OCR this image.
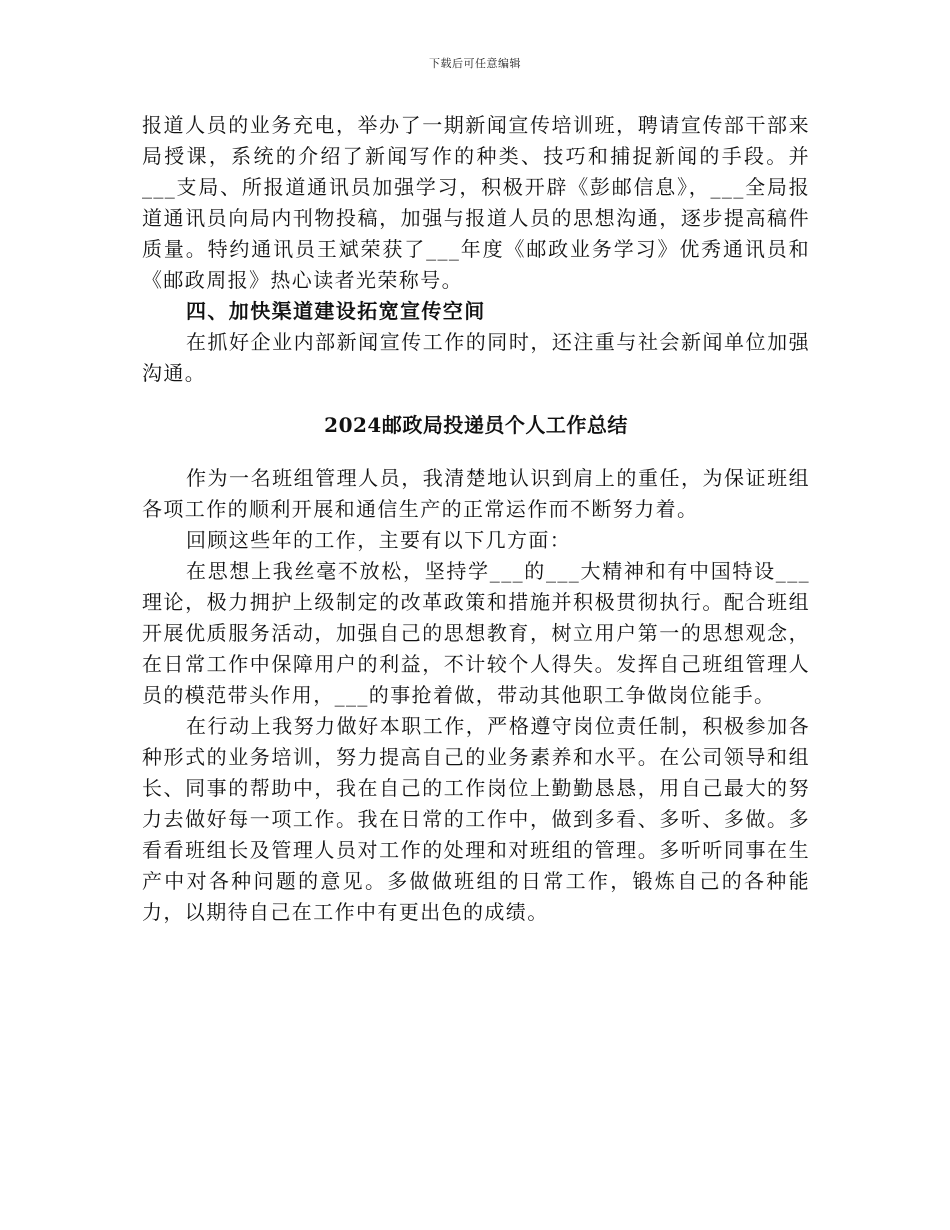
下载后可任意编辑

报道人员的业务充电，举办了一期新闻宣传培训班，聘请宣传部干部来局授课，系统的介绍了新闻写作的种类、技巧和捕捉新闻的手段。并___支局、所报道通讯员加强学习，积极开辟《彭邮信息》，___全局报道通讯员向局内刊物投稿，加强与报道人员的思想沟通，逐步提高稿件质量。特约通讯员王斌荣获了___年度《邮政业务学习》优秀通讯员和《邮政周报》热心读者光荣称号。

四、加快渠道建设拓宽宣传空间

在抓好企业内部新闻宣传工作的同时，还注重与社会新闻单位加强沟通。

2024邮政局投递员个人工作总结

作为一名班组管理人员，我清楚地认识到肩上的重任，为保证班组各项工作的顺利开展和通信生产的正常运作而不断努力着。

回顾这些年的工作，主要有以下几方面：

在思想上我丝毫不放松，坚持学___的___大精神和有中国特设___理论，极力拥护上级制定的改革政策和措施并积极贯彻执行。配合班组开展优质服务活动，加强自己的思想教育，树立用户第一的思想观念，在日常工作中保障用户的利益，不计较个人得失。发挥自己班组管理人员的模范带头作用，___的事抢着做，带动其他职工争做岗位能手。

在行动上我努力做好本职工作，严格遵守岗位责任制，积极参加各种形式的业务培训，努力提高自己的业务素养和水平。在公司领导和组长、同事的帮助中，我在自己的工作岗位上勤勤恳恳，用自己最大的努力去做好每一项工作。我在日常的工作中，做到多看、多听、多做。多看看班组长及管理人员对工作的处理和对班组的管理。多听听同事在生产中对各种问题的意见。多做做班组的日常工作，锻炼自己的各种能力，以期待自己在工作中有更出色的成绩。
